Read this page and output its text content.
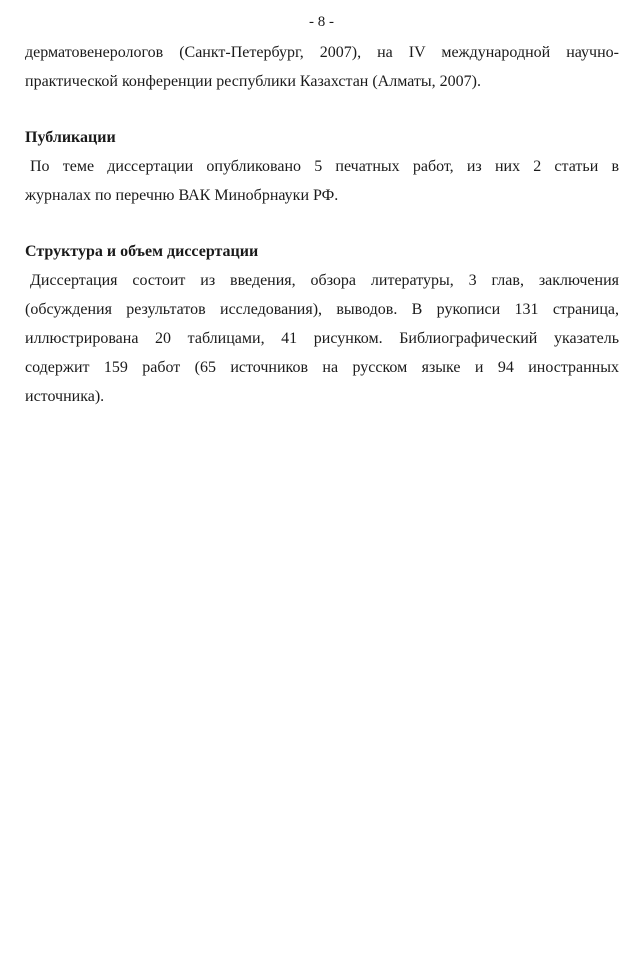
- 8 -

дерматовенерологов (Санкт-Петербург, 2007), на IV международной научно-
практической конференции республики Казахстан (Алматы, 2007).

Публикации

По теме диссертации опубликовано 5 печатных работ, из них 2 статьи в
журналах по перечню ВАК Минобрнауки РФ.

Структура и объем диссертации

Диссертация состоит из введения, обзора литературы, 3 глав, заключения
(обсуждения результатов исследования), выводов. В рукописи 131 страница,
иллюстрирована 20 таблицами, 41 рисунком. Библиографический указатель
содержит 159 работ (65 источников на русском языке и 94 иностранных
источника).
